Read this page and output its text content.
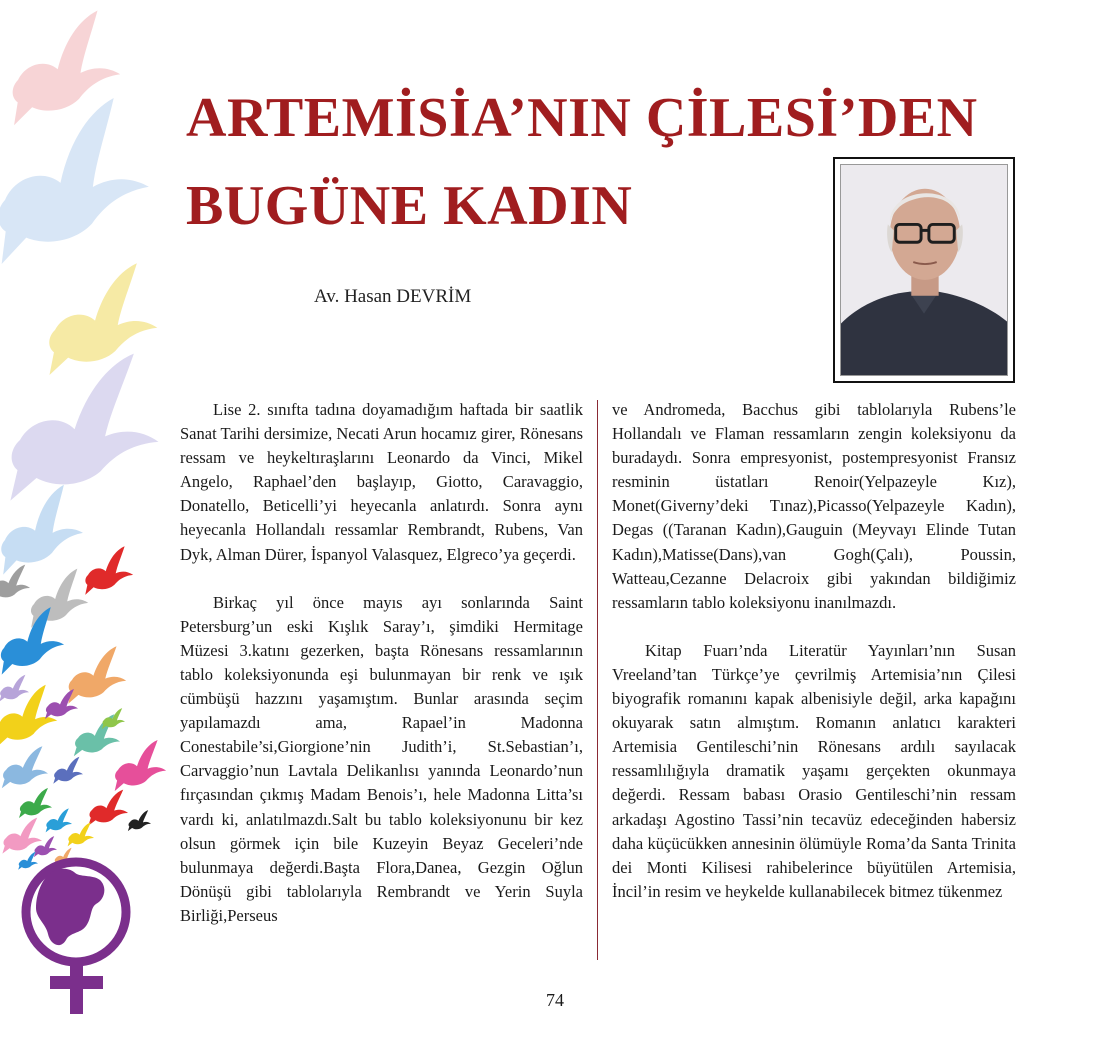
ARTEMİSİA’NIN ÇİLESİ’DEN
BUGÜNE KADIN
Av. Hasan DEVRİM

Lise 2. sınıfta tadına doyamadığım haftada bir saatlik Sanat Tarihi dersimize, Necati Arun hocamız girer, Rönesans ressam ve heykeltıraşlarını Leonardo da Vinci, Mikel Angelo, Raphael’den başlayıp, Giotto, Caravaggio, Donatello, Beticelli’yi heyecanla anlatırdı. Sonra aynı heyecanla Hollandalı ressamlar Rembrandt, Rubens, Van Dyk, Alman Dürer, İspanyol Valasquez, Elgreco’ya geçerdi.

Birkaç yıl önce mayıs ayı sonlarında Saint Petersburg’un eski Kışlık Saray’ı, şimdiki Hermitage Müzesi 3.katını gezerken, başta Rönesans ressamlarının tablo koleksiyonunda eşi bulunmayan bir renk ve ışık cümbüşü hazzını yaşamıştım. Bunlar arasında seçim yapılamazdı ama, Rapael’in Madonna Conestabile’si,Giorgione’nin Judith’i, St.Sebastian’ı, Carvaggio’nun Lavtala Delikanlısı yanında Leonardo’nun fırçasından çıkmış Madam Benois’ı, hele Madonna Litta’sı vardı ki, anlatılmazdı.Salt bu tablo koleksiyonunu bir kez olsun görmek için bile Kuzeyin Beyaz Geceleri’nde bulunmaya değerdi.Başta Flora,Danea, Gezgin Oğlun Dönüşü gibi tablolarıyla Rembrandt ve Yerin Suyla Birliği,Perseus

ve Andromeda, Bacchus gibi tablolarıyla Rubens’le Hollandalı ve Flaman ressamların zengin koleksiyonu da buradaydı. Sonra empresyonist, postempresyonist Fransız resminin üstatları Renoir(Yelpazeyle Kız), Monet(Giverny’deki Tınaz),Picasso(Yelpazeyle Kadın), Degas ((Taranan Kadın),Gauguin (Meyvayı Elinde Tutan Kadın),Matisse(Dans),van Gogh(Çalı), Poussin, Watteau,Cezanne Delacroix gibi yakından bildiğimiz ressamların tablo koleksiyonu inanılmazdı.

Kitap Fuarı’nda Literatür Yayınları’nın Susan Vreeland’tan Türkçe’ye çevrilmiş Artemisia’nın Çilesi biyografik romanını kapak albenisiyle değil, arka kapağını okuyarak satın almıştım. Romanın anlatıcı karakteri Artemisia Gentileschi’nin Rönesans ardılı sayılacak ressamlılığıyla dramatik yaşamı gerçekten okunmaya değerdi. Ressam babası Orasio Gentileschi’nin ressam arkadaşı Agostino Tassi’nin tecavüz edeceğinden habersiz daha küçücükken annesinin ölümüyle Roma’da Santa Trinita dei Monti Kilisesi rahibelerince büyütülen Artemisia, İncil’in resim ve heykelde kullanabilecek bitmez tükenmez

74
